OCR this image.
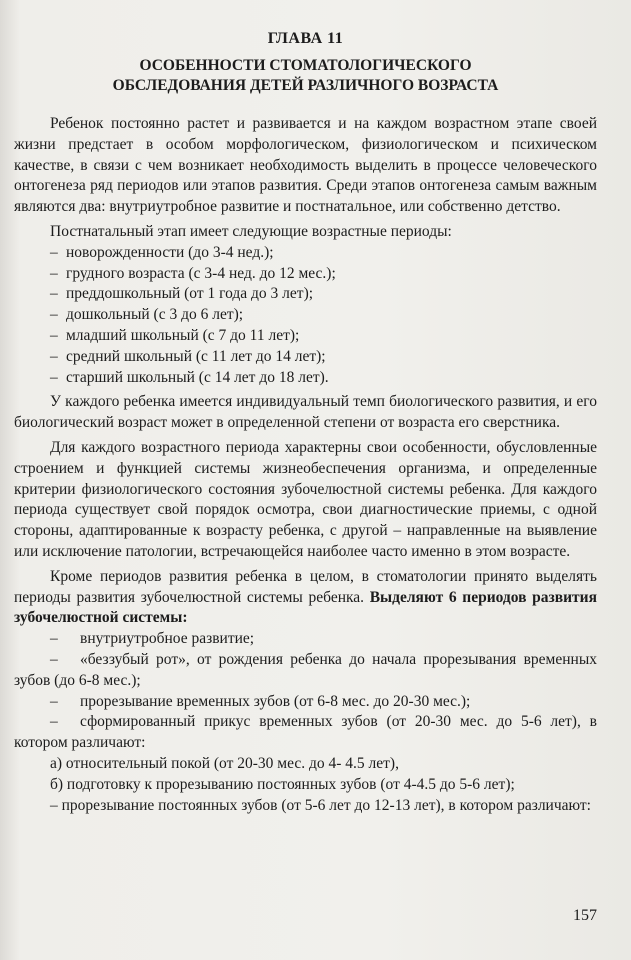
ГЛАВА 11
ОСОБЕННОСТИ СТОМАТОЛОГИЧЕСКОГО
ОБСЛЕДОВАНИЯ ДЕТЕЙ РАЗЛИЧНОГО ВОЗРАСТА

Ребенок постоянно растет и развивается и на каждом возрастном этапе своей жизни предстает в особом морфологическом, физиологическом и психическом качестве, в связи с чем возникает необходимость выделить в процессе человеческого онтогенеза ряд периодов или этапов развития. Среди этапов онтогенеза самым важным являются два: внутриутробное развитие и постнатальное, или собственно детство.

Постнатальный этап имеет следующие возрастные периоды:

– новорожденности (до 3-4 нед.);

– грудного возраста (с 3-4 нед. до 12 мес.);

– преддошкольный (от 1 года до 3 лет);

– дошкольный (с 3 до 6 лет);

– младший школьный (с 7 до 11 лет);

– средний школьный (с 11 лет до 14 лет);

– старший школьный (с 14 лет до 18 лет).

У каждого ребенка имеется индивидуальный темп биологического развития, и его биологический возраст может в определенной степени от возраста его сверстника.

Для каждого возрастного периода характерны свои особенности, обусловленные строением и функцией системы жизнеобеспечения организма, и определенные критерии физиологического состояния зубочелюстной системы ребенка. Для каждого периода существует свой порядок осмотра, свои диагностические приемы, с одной стороны, адаптированные к возрасту ребенка, с другой – направленные на выявление или исключение патологии, встречающейся наиболее часто именно в этом возрасте.

Кроме периодов развития ребенка в целом, в стоматологии принято выделять периоды развития зубочелюстной системы ребенка. Выделяют 6 периодов развития зубочелюстной системы:

– внутриутробное развитие;

– «беззубый рот», от рождения ребенка до начала прорезывания временных зубов (до 6-8 мес.);

– прорезывание временных зубов (от 6-8 мес. до 20-30 мес.);

– сформированный прикус временных зубов (от 20-30 мес. до 5-6 лет), в котором различают:

а) относительный покой (от 20-30 мес. до 4- 4.5 лет),

б) подготовку к прорезыванию постоянных зубов (от 4-4.5 до 5-6 лет);

– прорезывание постоянных зубов (от 5-6 лет до 12-13 лет), в котором различают:

157
